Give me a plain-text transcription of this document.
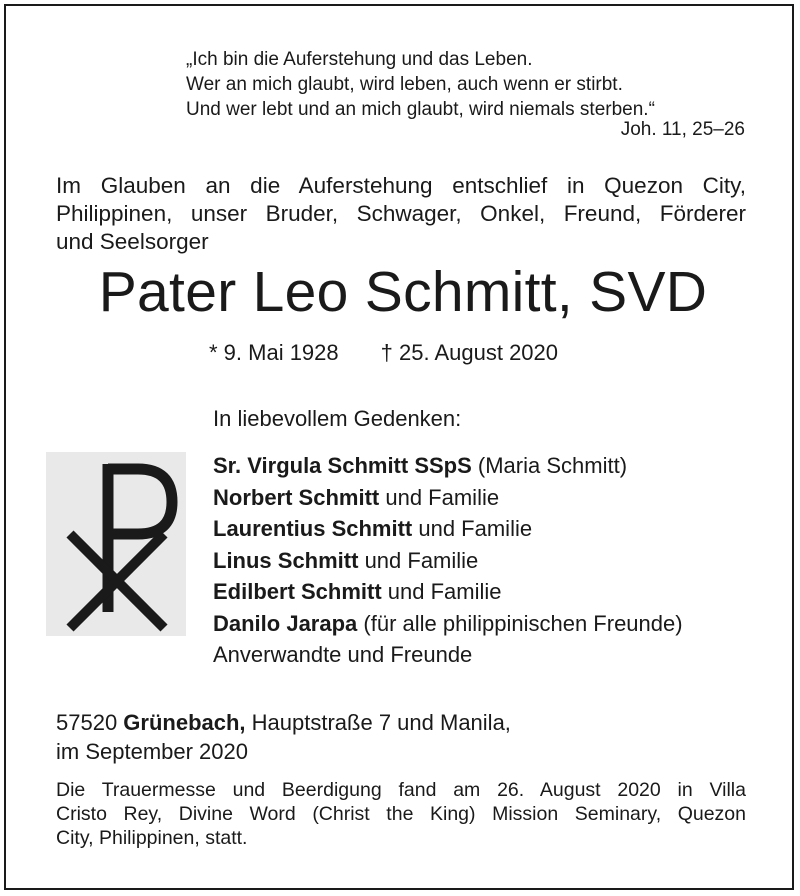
„Ich bin die Auferstehung und das Leben.
Wer an mich glaubt, wird leben, auch wenn er stirbt.
Und wer lebt und an mich glaubt, wird niemals sterben.“
Joh. 11, 25–26
Im Glauben an die Auferstehung entschlief in Quezon City,
Philippinen, unser Bruder, Schwager, Onkel, Freund, Förderer
und Seelsorger
Pater Leo Schmitt, SVD
* 9. Mai 1928 † 25. August 2020
In liebevollem Gedenken:
Sr. Virgula Schmitt SSpS (Maria Schmitt)
Norbert Schmitt und Familie
Laurentius Schmitt und Familie
Linus Schmitt und Familie
Edilbert Schmitt und Familie
Danilo Jarapa (für alle philippinischen Freunde)
Anverwandte und Freunde
57520 Grünebach, Hauptstraße 7 und Manila,
im September 2020
Die Trauermesse und Beerdigung fand am 26. August 2020 in Villa
Cristo Rey, Divine Word (Christ the King) Mission Seminary, Quezon
City, Philippinen, statt.
